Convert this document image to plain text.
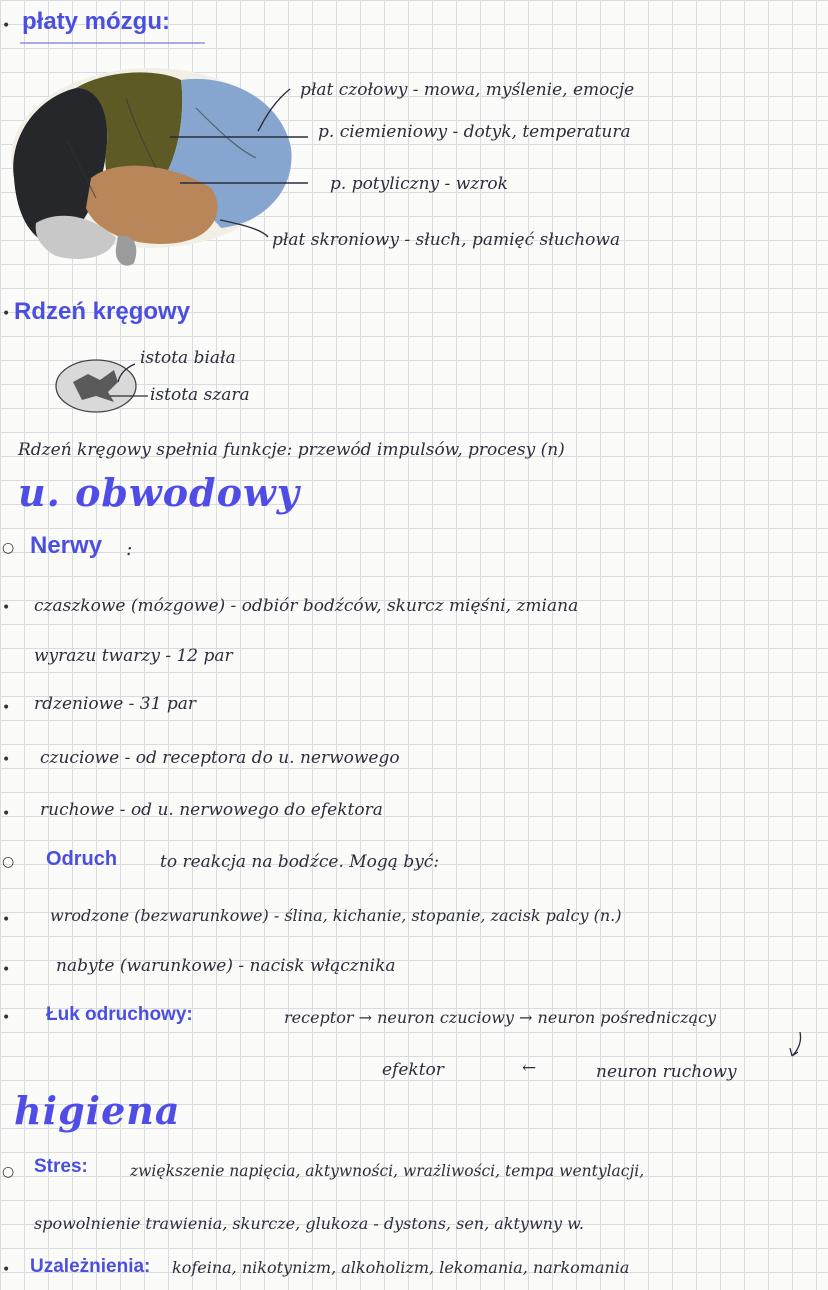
• płaty mózgu:
płat czołowy - mowa, myślenie, emocje
p. ciemieniowy - dotyk, temperatura
p. potyliczny - wzrok
płat skroniowy - słuch, pamięć słuchowa
• Rdzeń kręgowy
istota biała
istota szara
Rdzeń kręgowy spełnia funkcje: przewód impulsów, procesy (n)
u. obwodowy
○ Nerwy :
• czaszkowe (mózgowe) - odbiór bodźców, skurcz mięśni, zmiana
wyrazu twarzy - 12 par
• rdzeniowe - 31 par
• czuciowe - od receptora do u. nerwowego
• ruchowe - od u. nerwowego do efektora
○ Odruch	to reakcja na bodźce. Mogą być:
• wrodzone (bezwarunkowe) - ślina, kichanie, stopanie, zacisk palcy (n.)
•	nabyte (warunkowe) - nacisk włącznika
• Łuk odruchowy:	receptor → neuron czuciowy → neuron pośredniczący
efektor	←	neuron ruchowy
higiena
○ Stres:	zwiększenie napięcia, aktywności, wrażliwości, tempa wentylacji,
spowolnienie trawienia, skurcze, glukoza - dystons, sen, aktywny w.
• Uzależnienia: kofeina, nikotynizm, alkoholizm, lekomania, narkomania
